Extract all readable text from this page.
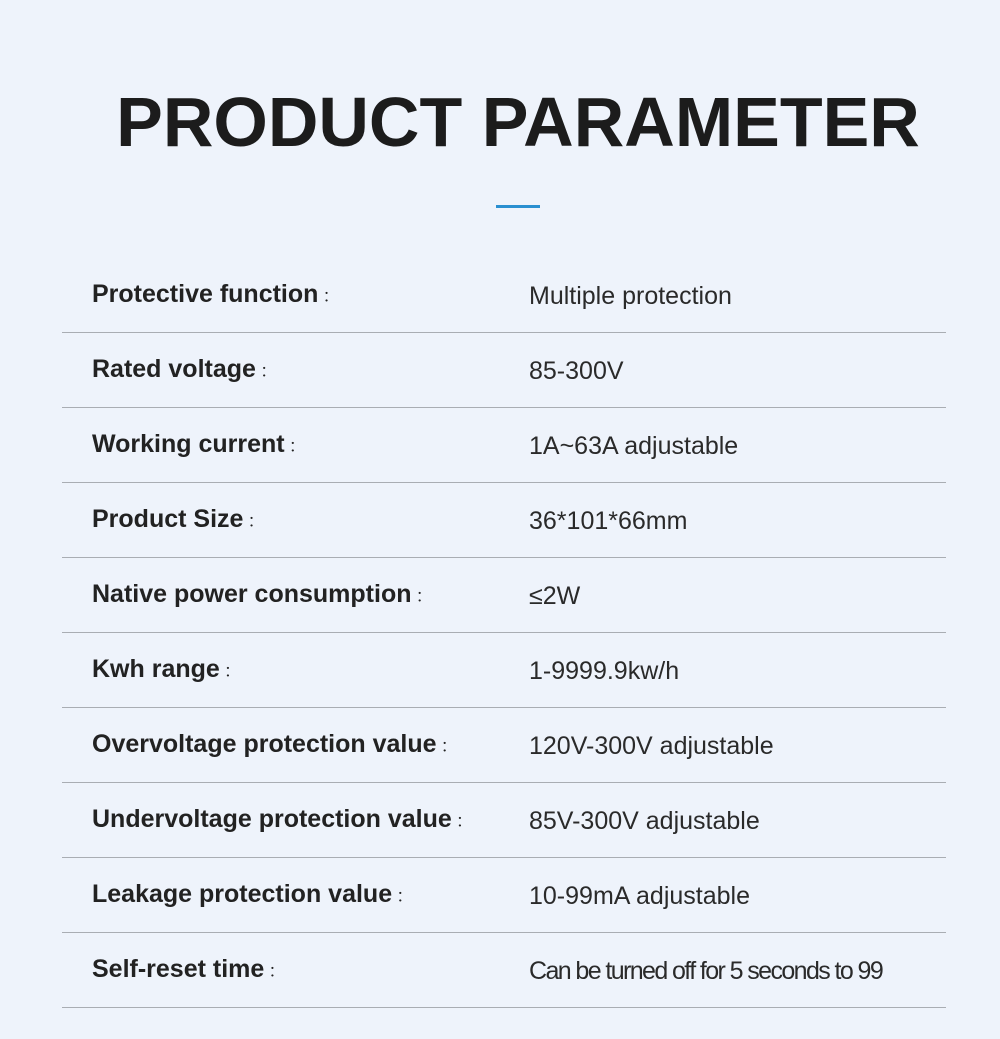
PRODUCT PARAMETER
Protective function ：	Multiple protection
Rated voltage ：	85-300V
Working current ：	1A~63A adjustable
Product Size ：	36*101*66mm
Native power consumption ：	≤2W
Kwh range ：	1-9999.9kw/h
Overvoltage protection value ：	120V-300V adjustable
Undervoltage protection value ： 85V-300V adjustable
Leakage protection value ：	10-99mA adjustable
Self-reset time ：	Can be turned off for 5 seconds to 99
